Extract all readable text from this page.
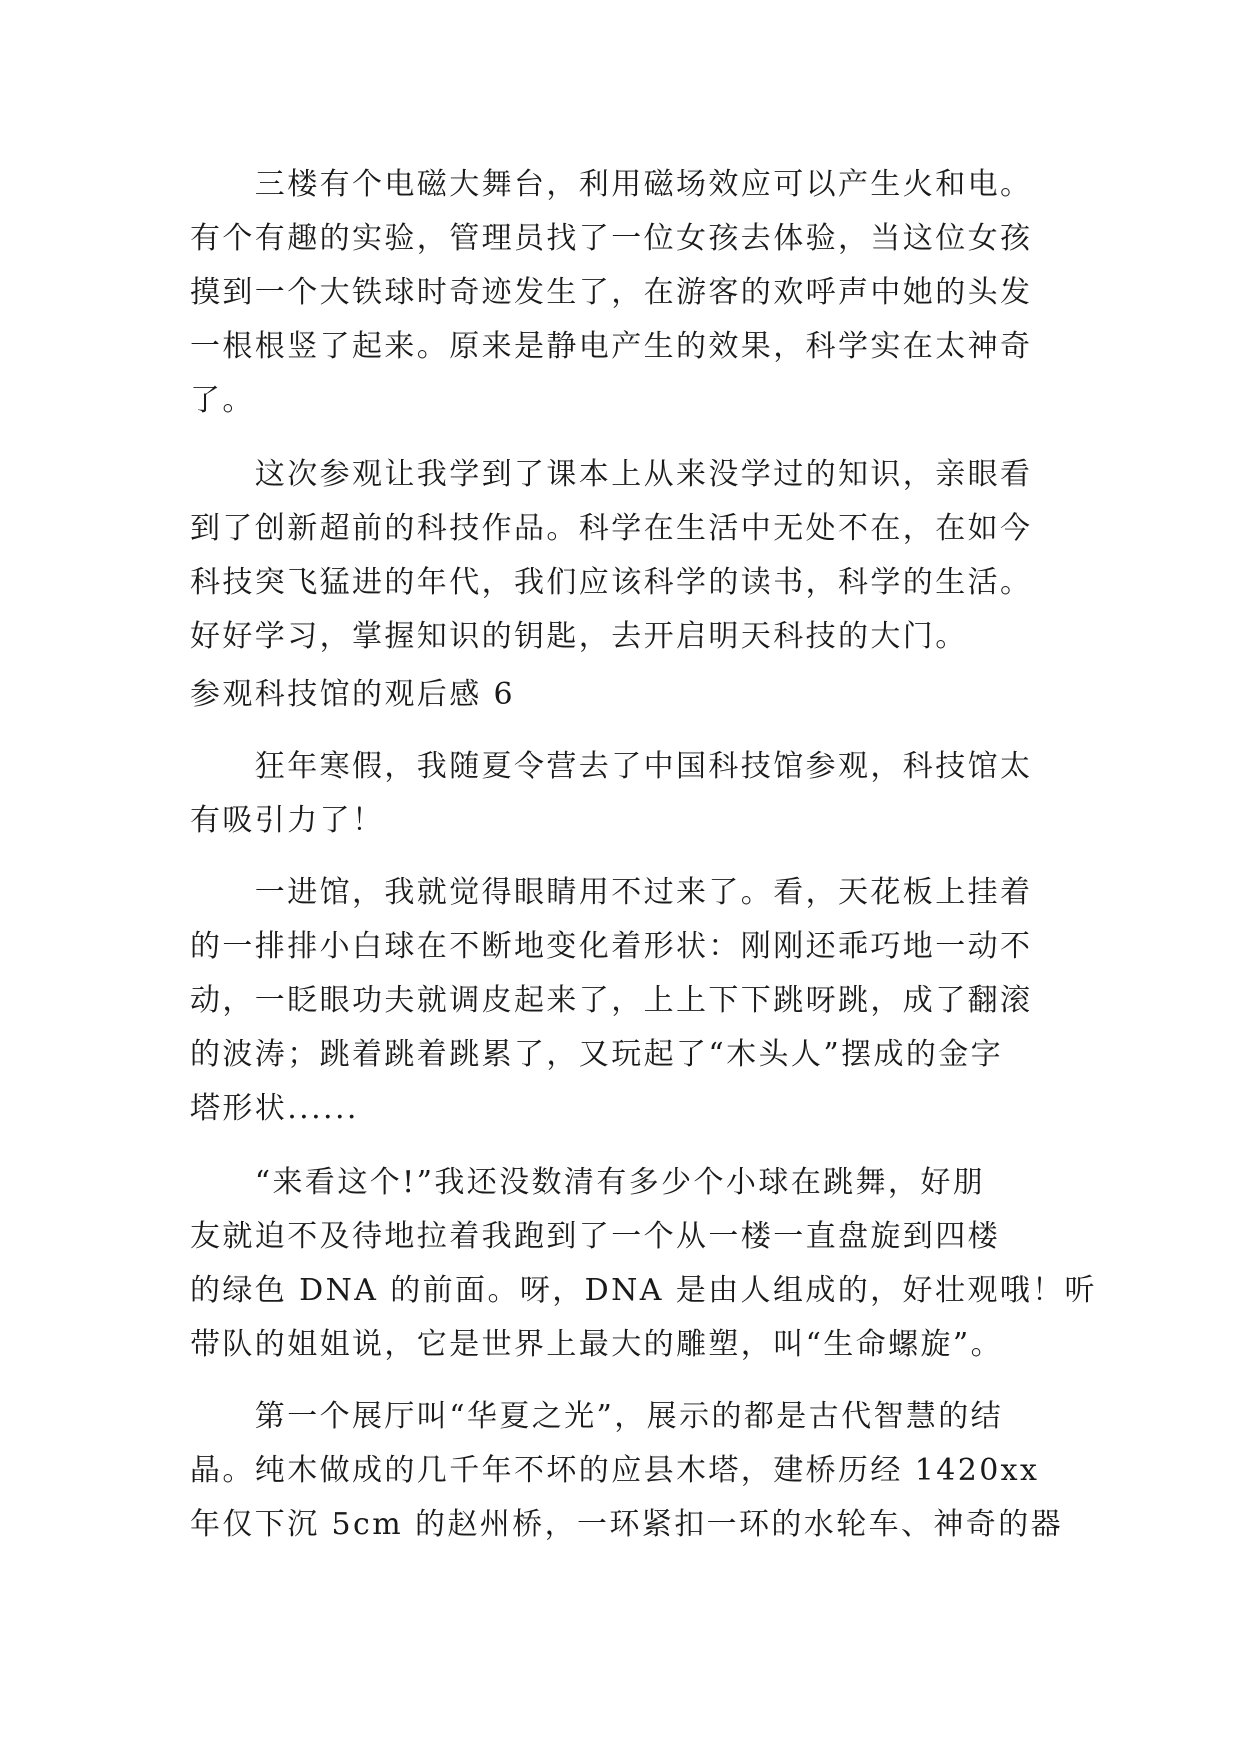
　　三楼有个电磁大舞台，利用磁场效应可以产生火和电。
有个有趣的实验，管理员找了一位女孩去体验，当这位女孩
摸到一个大铁球时奇迹发生了，在游客的欢呼声中她的头发
一根根竖了起来。原来是静电产生的效果，科学实在太神奇
了。
　　这次参观让我学到了课本上从来没学过的知识，亲眼看
到了创新超前的科技作品。科学在生活中无处不在，在如今
科技突飞猛进的年代，我们应该科学的读书，科学的生活。
好好学习，掌握知识的钥匙，去开启明天科技的大门。
参观科技馆的观后感 6
　　狂年寒假，我随夏令营去了中国科技馆参观，科技馆太
有吸引力了！
　　一进馆，我就觉得眼睛用不过来了。看，天花板上挂着
的一排排小白球在不断地变化着形状：刚刚还乖巧地一动不
动，一眨眼功夫就调皮起来了，上上下下跳呀跳，成了翻滚
的波涛；跳着跳着跳累了，又玩起了“木头人”摆成的金字
塔形状......
　　“来看这个!”我还没数清有多少个小球在跳舞，好朋
友就迫不及待地拉着我跑到了一个从一楼一直盘旋到四楼
的绿色 DNA 的前面。呀，DNA 是由人组成的，好壮观哦！听
带队的姐姐说，它是世界上最大的雕塑，叫“生命螺旋”。
　　第一个展厅叫“华夏之光”，展示的都是古代智慧的结
晶。纯木做成的几千年不坏的应县木塔，建桥历经 1420xx
年仅下沉 5cm 的赵州桥，一环紧扣一环的水轮车、神奇的器
